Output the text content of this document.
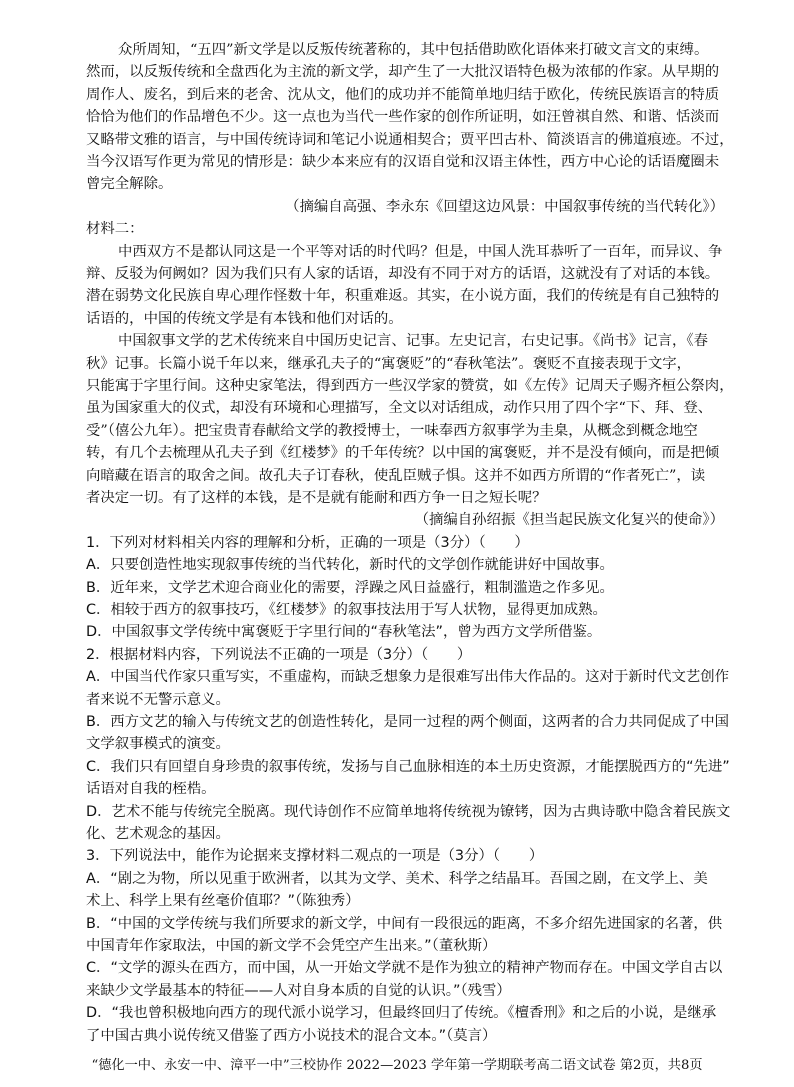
众所周知，“五四”新文学是以反叛传统著称的，其中包括借助欧化语体来打破文言文的束缚。
然而，以反叛传统和全盘西化为主流的新文学，却产生了一大批汉语特色极为浓郁的作家。从早期的
周作人、废名，到后来的老舍、沈从文，他们的成功并不能简单地归结于欧化，传统民族语言的特质
恰恰为他们的作品增色不少。这一点也为当代一些作家的创作所证明，如汪曾祺自然、和谐、恬淡而
又略带文雅的语言，与中国传统诗词和笔记小说通相契合；贾平凹古朴、简淡语言的佛道痕迹。不过，
当今汉语写作更为常见的情形是：缺少本来应有的汉语自觉和汉语主体性，西方中心论的话语魔圈未
曾完全解除。
（摘编自高强、李永东《回望这边风景：中国叙事传统的当代转化》）
材料二：
中西双方不是都认同这是一个平等对话的时代吗？但是，中国人洗耳恭听了一百年，而异议、争
辩、反驳为何阙如？因为我们只有人家的话语，却没有不同于对方的话语，这就没有了对话的本钱。
潜在弱势文化民族自卑心理作怪数十年，积重难返。其实，在小说方面，我们的传统是有自己独特的
话语的，中国的传统文学是有本钱和他们对话的。
中国叙事文学的艺术传统来自中国历史记言、记事。左史记言，右史记事。《尚书》记言，《春
秋》记事。长篇小说千年以来，继承孔夫子的“寓褒贬”的“春秋笔法”。褒贬不直接表现于文字，
只能寓于字里行间。这种史家笔法，得到西方一些汉学家的赞赏，如《左传》记周天子赐齐桓公祭肉，
虽为国家重大的仪式，却没有环境和心理描写，全文以对话组成，动作只用了四个字“下、拜、登、
受”（僖公九年）。把宝贵青春献给文学的教授博士，一味奉西方叙事学为圭臬，从概念到概念地空
转，有几个去梳理从孔夫子到《红楼梦》的千年传统？以中国的寓褒贬，并不是没有倾向，而是把倾
向暗藏在语言的取舍之间。故孔夫子订春秋，使乱臣贼子惧。这并不如西方所谓的“作者死亡”，读
者决定一切。有了这样的本钱，是不是就有能耐和西方争一日之短长呢？
（摘编自孙绍振《担当起民族文化复兴的使命》）
1．下列对材料相关内容的理解和分析，正确的一项是（3分）（　　）
A．只要创造性地实现叙事传统的当代转化，新时代的文学创作就能讲好中国故事。
B．近年来，文学艺术迎合商业化的需要，浮躁之风日益盛行，粗制滥造之作多见。
C．相较于西方的叙事技巧，《红楼梦》的叙事技法用于写人状物，显得更加成熟。
D．中国叙事文学传统中寓褒贬于字里行间的“春秋笔法”，曾为西方文学所借鉴。
2．根据材料内容，下列说法不正确的一项是（3分）（　　）
A．中国当代作家只重写实，不重虚构，而缺乏想象力是很难写出伟大作品的。这对于新时代文艺创作
者来说不无警示意义。
B．西方文艺的输入与传统文艺的创造性转化，是同一过程的两个侧面，这两者的合力共同促成了中国
文学叙事模式的演变。
C．我们只有回望自身珍贵的叙事传统，发扬与自己血脉相连的本土历史资源，才能摆脱西方的“先进”
话语对自我的桎梏。
D．艺术不能与传统完全脱离。现代诗创作不应简单地将传统视为镣铐，因为古典诗歌中隐含着民族文
化、艺术观念的基因。
3．下列说法中，能作为论据来支撑材料二观点的一项是（3分）（　　）
A．“剧之为物，所以见重于欧洲者，以其为文学、美术、科学之结晶耳。吾国之剧，在文学上、美
术上、科学上果有丝毫价值耶？”（陈独秀）
B．“中国的文学传统与我们所要求的新文学，中间有一段很远的距离，不多介绍先进国家的名著，供
中国青年作家取法，中国的新文学不会凭空产生出来。”（董秋斯）
C．“文学的源头在西方，而中国，从一开始文学就不是作为独立的精神产物而存在。中国文学自古以
来缺少文学最基本的特征——人对自身本质的自觉的认识。”（残雪）
D．“我也曾积极地向西方的现代派小说学习，但最终回归了传统。《檀香刑》和之后的小说，是继承
了中国古典小说传统又借鉴了西方小说技术的混合文本。”（莫言）
“德化一中、永安一中、漳平一中”三校协作 2022—2023 学年第一学期联考高二语文试卷 第2页，共8页
